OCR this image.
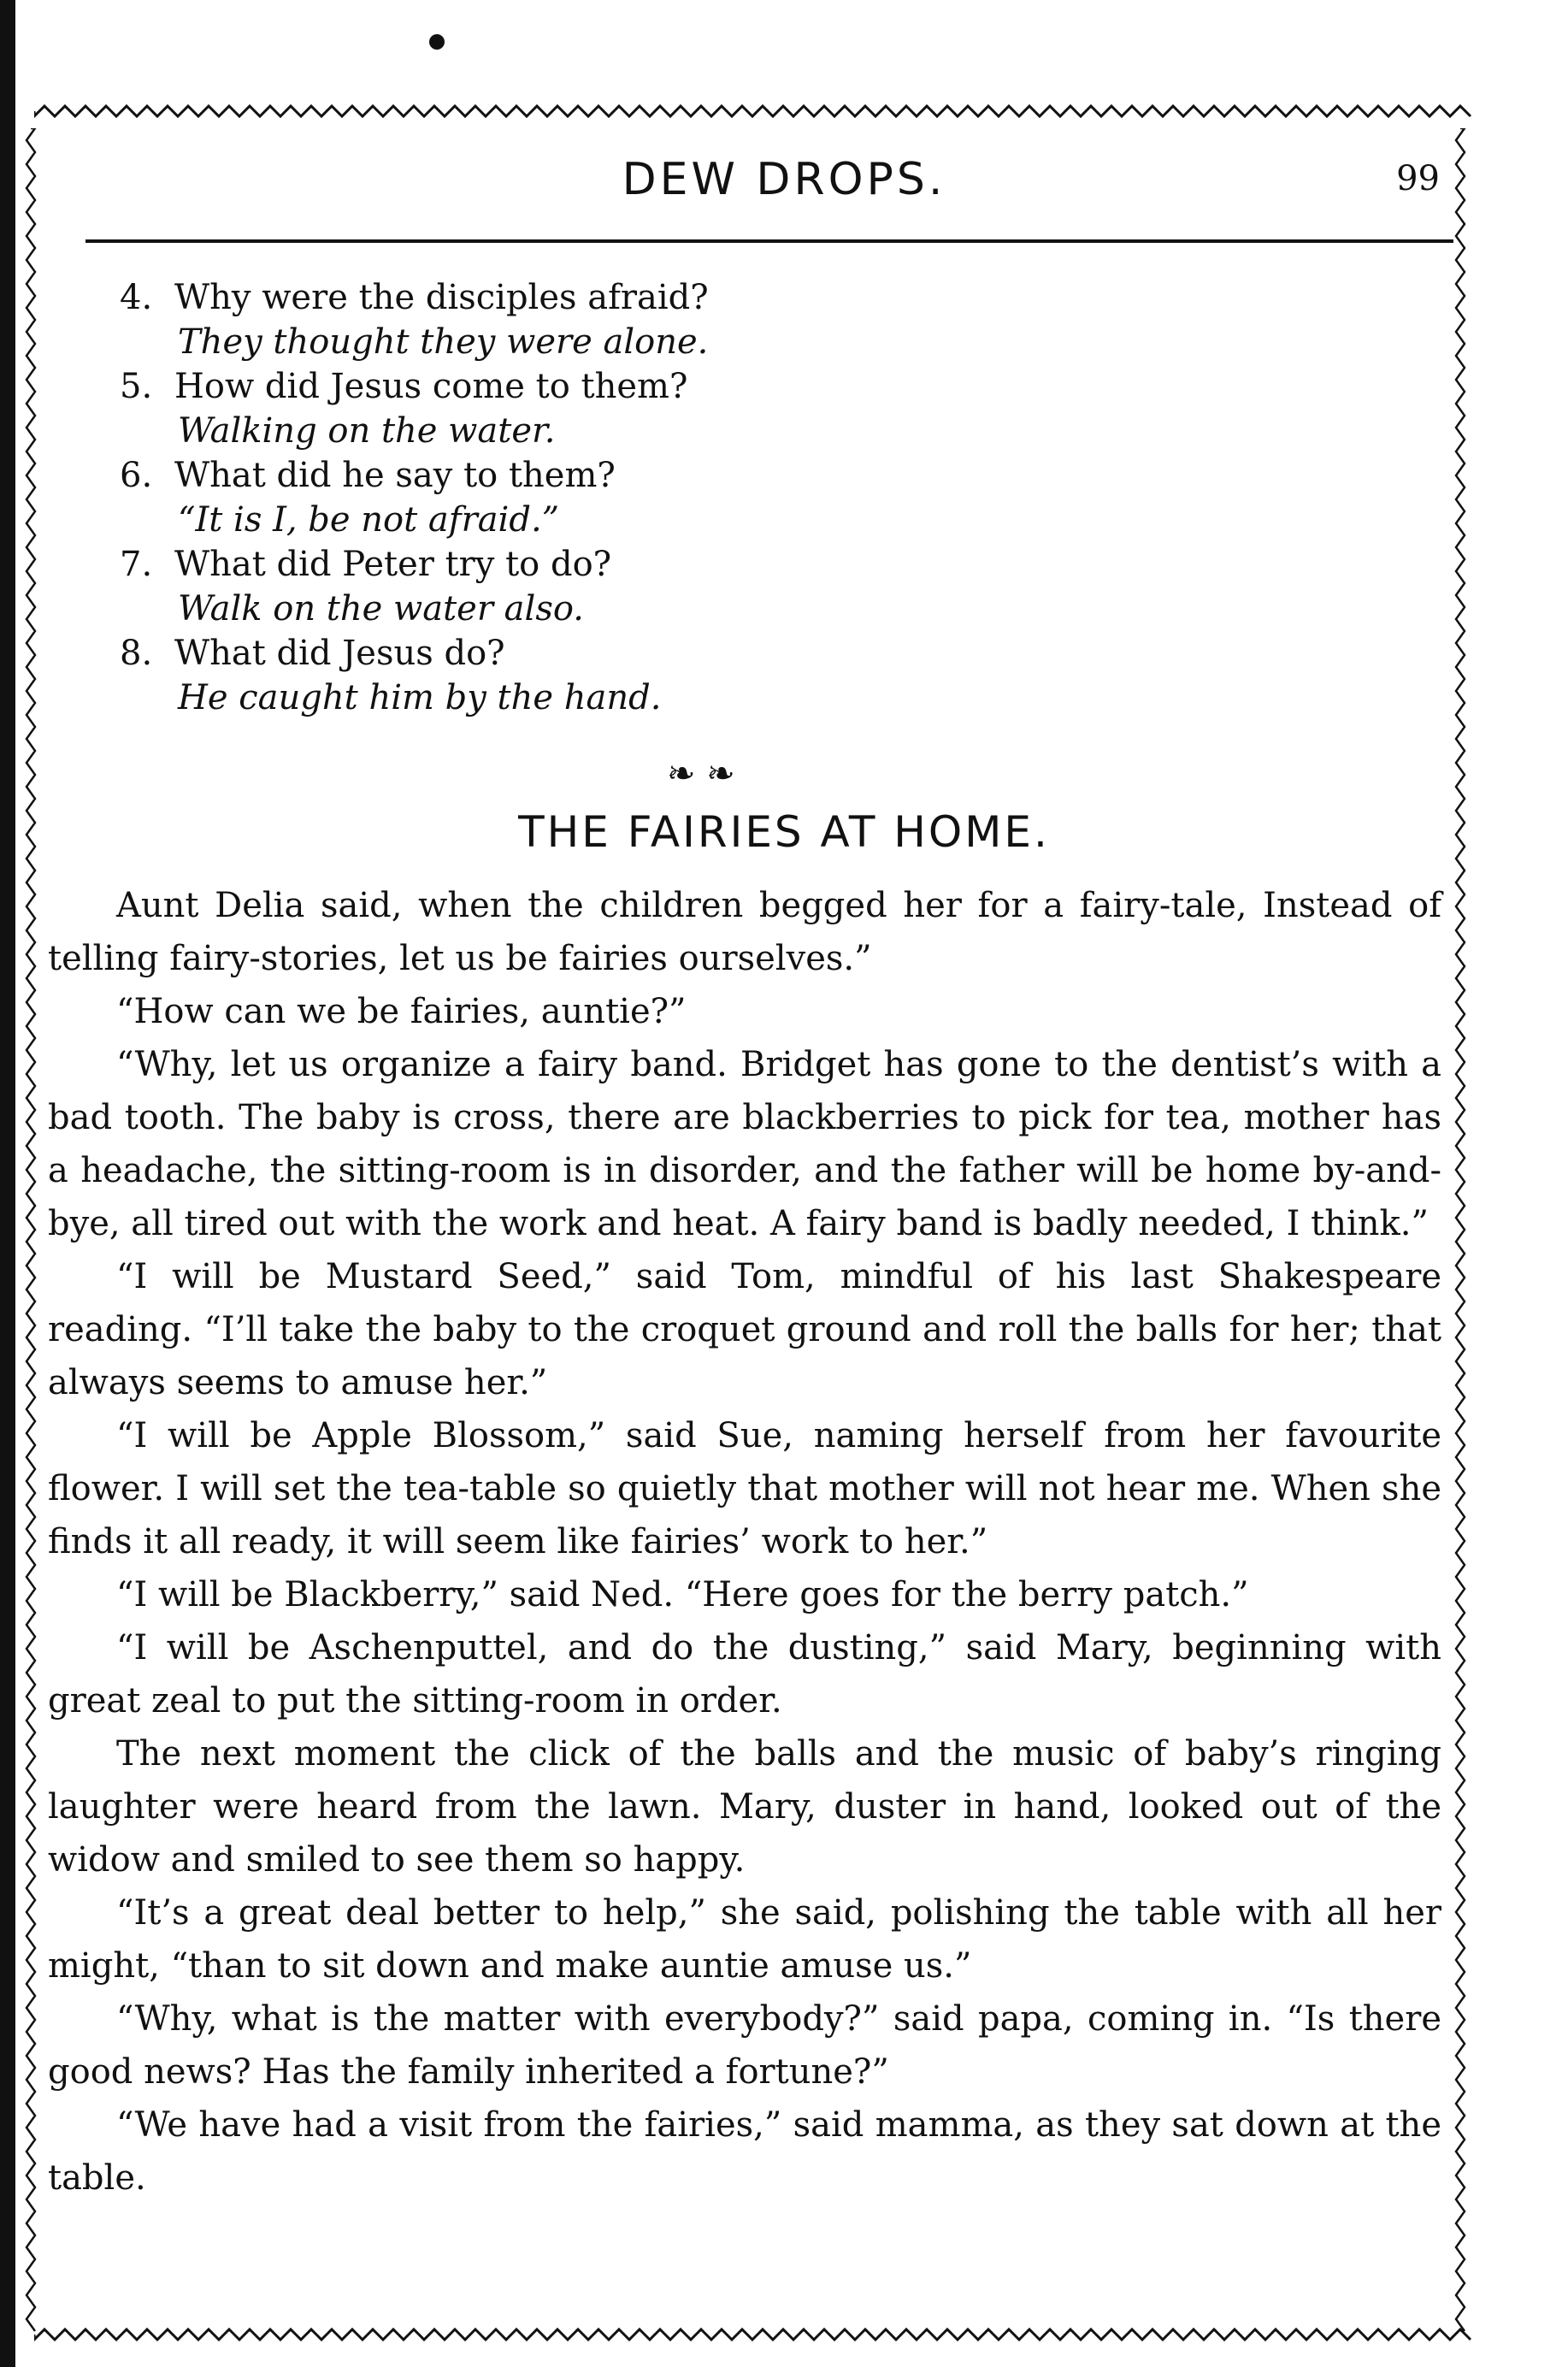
DEW DROPS.	99
4. Why were the disciples afraid?
They thought they were alone.
5. How did Jesus come to them?
Walking on the water.
6. What did he say to them?
“It is I, be not afraid.”
7. What did Peter try to do?
Walk on the water also.
8. What did Jesus do?
He caught him by the hand.
❧ ❧
THE FAIRIES AT HOME.

Aunt Delia said, when the children begged her for a fairy-tale, Instead of telling fairy-stories, let us be fairies ourselves.”

“How can we be fairies, auntie?”

“Why, let us organize a fairy band. Bridget has gone to the dentist’s with a bad tooth. The baby is cross, there are blackberries to pick for tea, mother has a headache, the sitting-room is in disorder, and the father will be home by-and-bye, all tired out with the work and heat. A fairy band is badly needed, I think.”

“I will be Mustard Seed,” said Tom, mindful of his last Shakespeare reading. “I’ll take the baby to the croquet ground and roll the balls for her; that always seems to amuse her.”

“I will be Apple Blossom,” said Sue, naming herself from her favourite flower. I will set the tea-table so quietly that mother will not hear me. When she finds it all ready, it will seem like fairies’ work to her.”

“I will be Blackberry,” said Ned. “Here goes for the berry patch.”

“I will be Aschenputtel, and do the dusting,” said Mary, beginning with great zeal to put the sitting-room in order.

The next moment the click of the balls and the music of baby’s ringing laughter were heard from the lawn. Mary, duster in hand, looked out of the widow and smiled to see them so happy.

“It’s a great deal better to help,” she said, polishing the table with all her might, “than to sit down and make auntie amuse us.”

“Why, what is the matter with everybody?” said papa, coming in. “Is there good news? Has the family inherited a fortune?”

“We have had a visit from the fairies,” said mamma, as they sat down at the table.
